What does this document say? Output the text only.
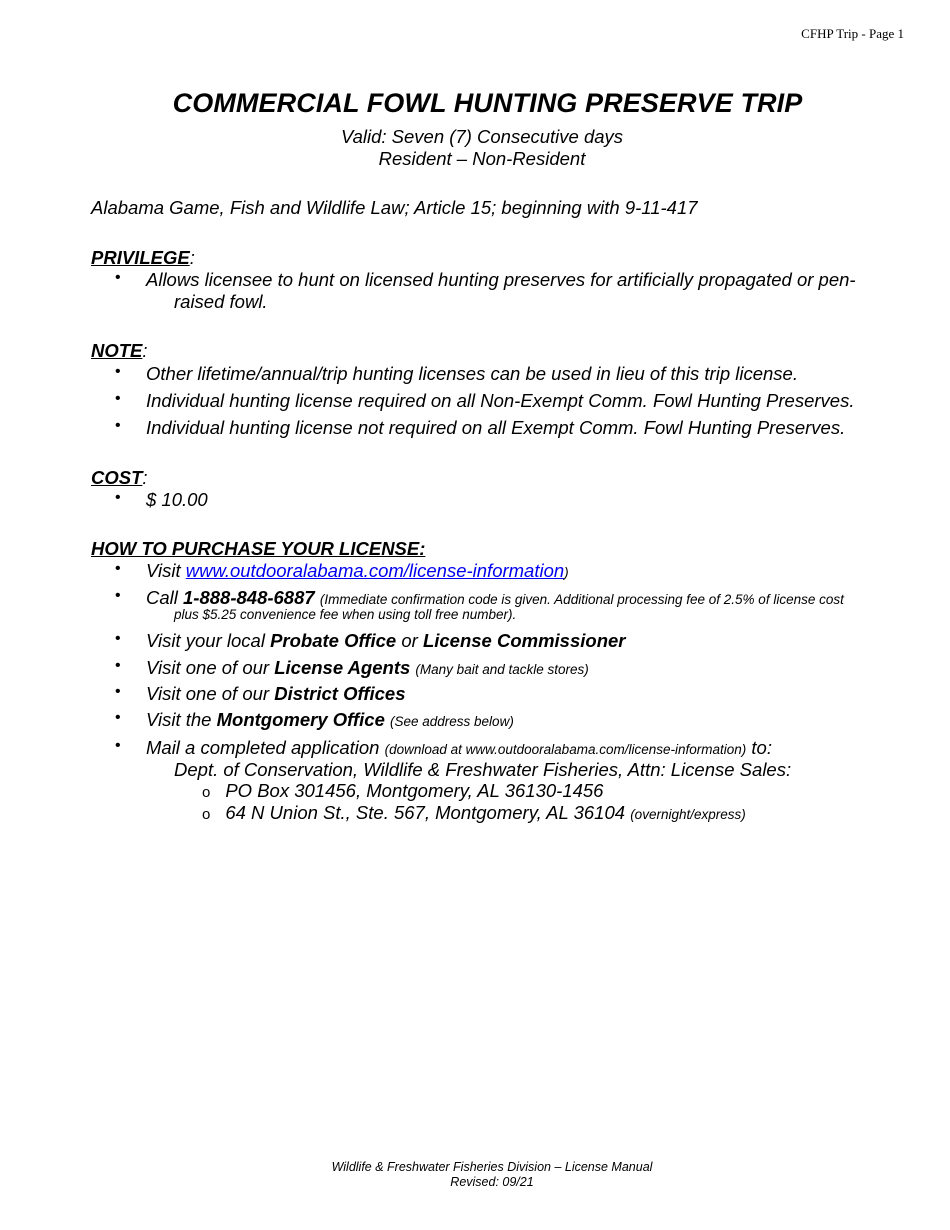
CFHP Trip - Page 1
COMMERCIAL FOWL HUNTING PRESERVE TRIP
Valid: Seven (7) Consecutive days
Resident – Non-Resident
Alabama Game, Fish and Wildlife Law; Article 15; beginning with 9-11-417
PRIVILEGE:
• Allows licensee to hunt on licensed hunting preserves for artificially propagated or pen-
raised fowl.
NOTE:
• Other lifetime/annual/trip hunting licenses can be used in lieu of this trip license.
• Individual hunting license required on all Non-Exempt Comm. Fowl Hunting Preserves.
• Individual hunting license not required on all Exempt Comm. Fowl Hunting Preserves.
COST:
• $ 10.00
HOW TO PURCHASE YOUR LICENSE:
• Visit www.outdooralabama.com/license-information)
• Call 1-888-848-6887 (Immediate confirmation code is given. Additional processing fee of 2.5% of license cost
plus $5.25 convenience fee when using toll free number).
• Visit your local Probate Office or License Commissioner
• Visit one of our License Agents (Many bait and tackle stores)
• Visit one of our District Offices
• Visit the Montgomery Office (See address below)
• Mail a completed application (download at www.outdooralabama.com/license-information) to:
Dept. of Conservation, Wildlife & Freshwater Fisheries, Attn: License Sales:
o PO Box 301456, Montgomery, AL 36130-1456
o 64 N Union St., Ste. 567, Montgomery, AL 36104 (overnight/express)
Wildlife & Freshwater Fisheries Division – License Manual
Revised: 09/21
